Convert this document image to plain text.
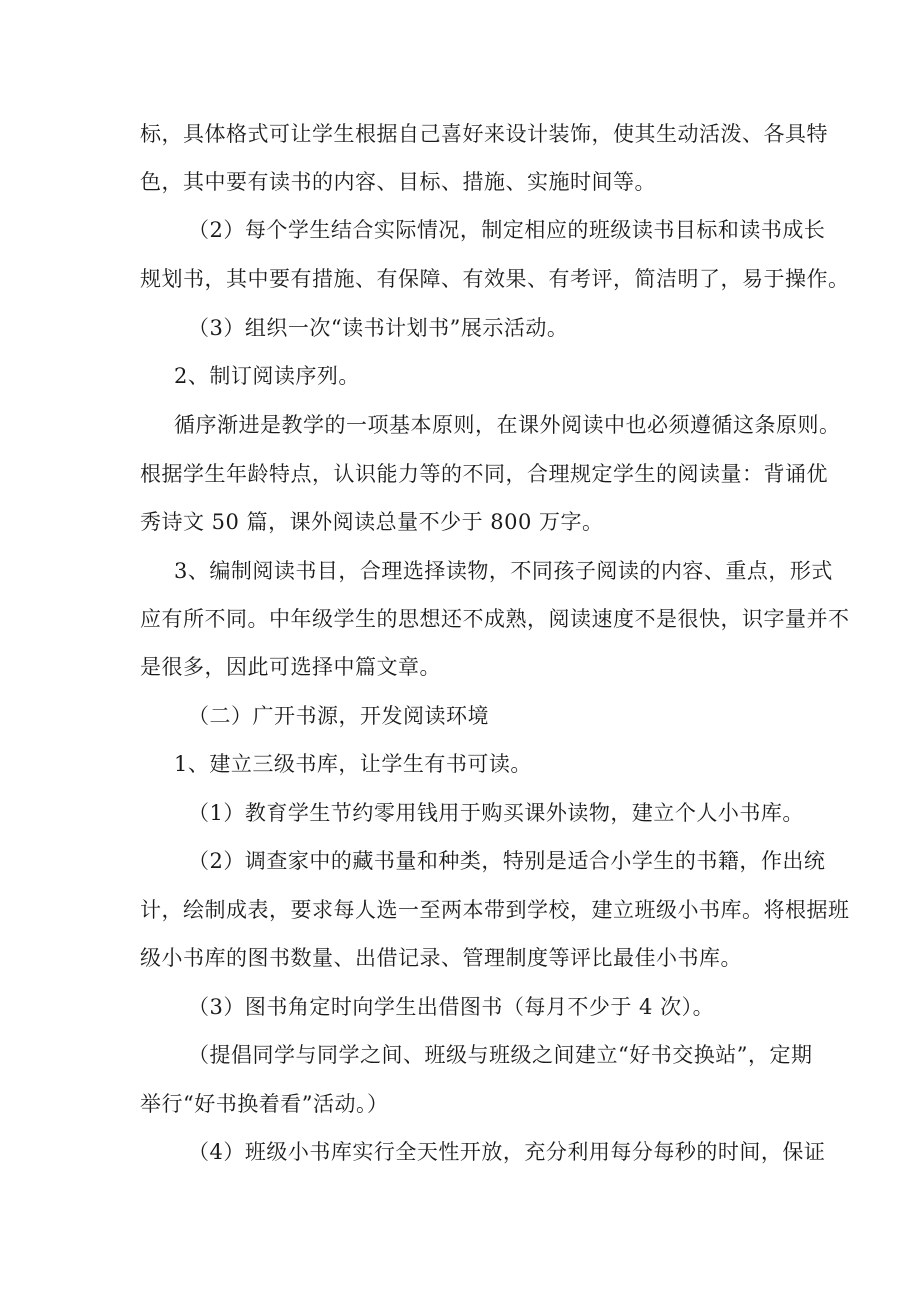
标，具体格式可让学生根据自己喜好来设计装饰，使其生动活泼、各具特
色，其中要有读书的内容、目标、措施、实施时间等。
（2）每个学生结合实际情况，制定相应的班级读书目标和读书成长
规划书，其中要有措施、有保障、有效果、有考评，简洁明了，易于操作。
（3）组织一次“读书计划书”展示活动。
2、制订阅读序列。
循序渐进是教学的一项基本原则，在课外阅读中也必须遵循这条原则。
根据学生年龄特点，认识能力等的不同，合理规定学生的阅读量：背诵优
秀诗文 50 篇，课外阅读总量不少于 800 万字。
3、编制阅读书目，合理选择读物，不同孩子阅读的内容、重点，形式
应有所不同。中年级学生的思想还不成熟，阅读速度不是很快，识字量并不
是很多，因此可选择中篇文章。
（二）广开书源，开发阅读环境
1、建立三级书库，让学生有书可读。
（1）教育学生节约零用钱用于购买课外读物，建立个人小书库。
（2）调查家中的藏书量和种类，特别是适合小学生的书籍，作出统
计，绘制成表，要求每人选一至两本带到学校，建立班级小书库。将根据班
级小书库的图书数量、出借记录、管理制度等评比最佳小书库。
（3）图书角定时向学生出借图书（每月不少于 4 次）。
（提倡同学与同学之间、班级与班级之间建立“好书交换站”，定期
举行“好书换着看”活动。）
（4）班级小书库实行全天性开放，充分利用每分每秒的时间，保证
